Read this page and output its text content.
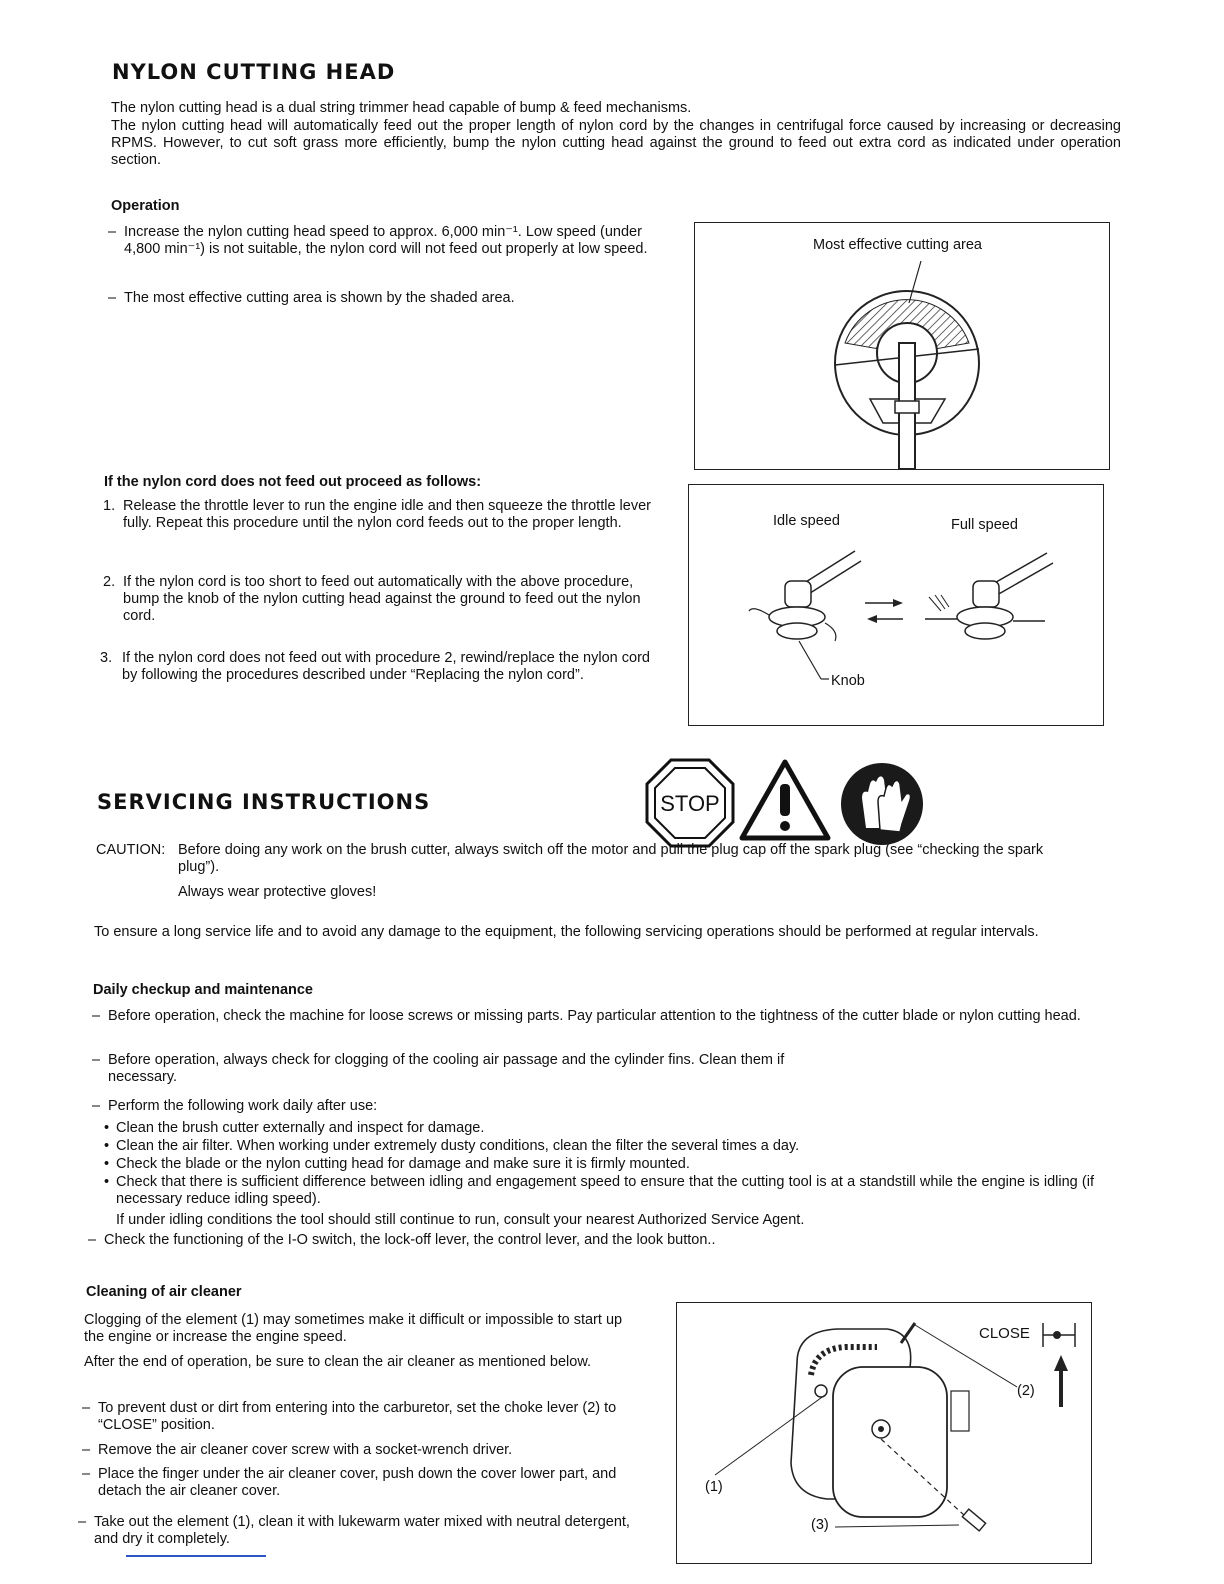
NYLON CUTTING HEAD
The nylon cutting head is a dual string trimmer head capable of bump & feed mechanisms.
The nylon cutting head will automatically feed out the proper length of nylon cord by the changes in centrifugal force caused by increasing or decreasing RPMS. However, to cut soft grass more efficiently, bump the nylon cutting head against the ground to feed out extra cord as indicated under operation section.
Operation
– Increase the nylon cutting head speed to approx. 6,000 min⁻¹. Low speed (under 4,800 min⁻¹) is not suitable, the nylon cord will not feed out properly at low speed.
– The most effective cutting area is shown by the shaded area.
Most effective cutting area
If the nylon cord does not feed out proceed as follows:
1. Release the throttle lever to run the engine idle and then squeeze the throttle lever fully. Repeat this procedure until the nylon cord feeds out to the proper length.
2. If the nylon cord is too short to feed out automatically with the above procedure, bump the knob of the nylon cutting head against the ground to feed out the nylon cord.
3. If the nylon cord does not feed out with procedure 2, rewind/replace the nylon cord by following the procedures described under “Replacing the nylon cord”.
Idle speed	Full speed
Knob
SERVICING INSTRUCTIONS	STOP
CAUTION: Before doing any work on the brush cutter, always switch off the motor and pull the plug cap off the spark plug (see “checking the spark plug”).
Always wear protective gloves!
To ensure a long service life and to avoid any damage to the equipment, the following servicing operations should be performed at regular intervals.
Daily checkup and maintenance
– Before operation, check the machine for loose screws or missing parts. Pay particular attention to the tightness of the cutter blade or nylon cutting head.
– Before operation, always check for clogging of the cooling air passage and the cylinder fins. Clean them if necessary.
– Perform the following work daily after use:
• Clean the brush cutter externally and inspect for damage.
• Clean the air filter. When working under extremely dusty conditions, clean the filter the several times a day.
• Check the blade or the nylon cutting head for damage and make sure it is firmly mounted.
• Check that there is sufficient difference between idling and engagement speed to ensure that the cutting tool is at a standstill while the engine is idling (if necessary reduce idling speed).
If under idling conditions the tool should still continue to run, consult your nearest Authorized Service Agent.
– Check the functioning of the I-O switch, the lock-off lever, the control lever, and the look button..
Cleaning of air cleaner
Clogging of the element (1) may sometimes make it difficult or impossible to start up the engine or increase the engine speed.
After the end of operation, be sure to clean the air cleaner as mentioned below.
– To prevent dust or dirt from entering into the carburetor, set the choke lever (2) to “CLOSE” position.
– Remove the air cleaner cover screw with a socket-wrench driver.
– Place the finger under the air cleaner cover, push down the cover lower part, and detach the air cleaner cover.
– Take out the element (1), clean it with lukewarm water mixed with neutral detergent, and dry it completely.
CLOSE
(1)
(2)
(3)
